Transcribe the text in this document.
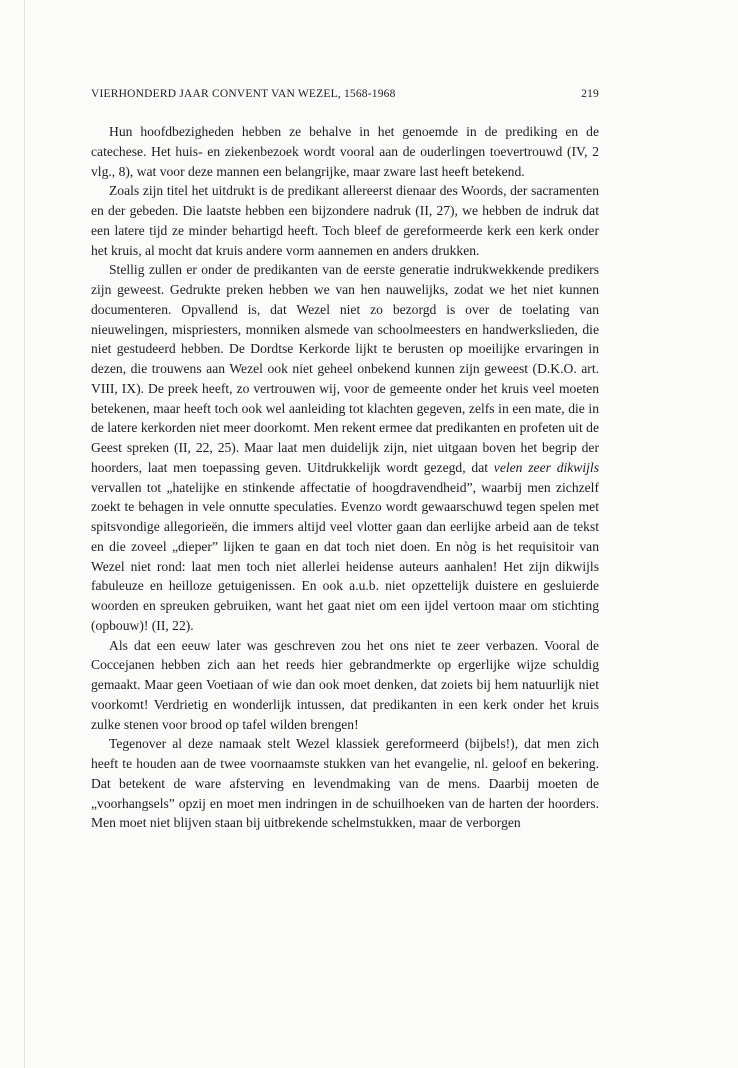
VIERHONDERD JAAR CONVENT VAN WEZEL, 1568-1968	219

Hun hoofdbezigheden hebben ze behalve in het genoemde in de prediking en de catechese. Het huis- en ziekenbezoek wordt vooral aan de ouderlingen toevertrouwd (IV, 2 vlg., 8), wat voor deze mannen een belangrijke, maar zware last heeft betekend.

Zoals zijn titel het uitdrukt is de predikant allereerst dienaar des Woords, der sacramenten en der gebeden. Die laatste hebben een bijzondere nadruk (II, 27), we hebben de indruk dat een latere tijd ze minder behartigd heeft. Toch bleef de gereformeerde kerk een kerk onder het kruis, al mocht dat kruis andere vorm aannemen en anders drukken.

Stellig zullen er onder de predikanten van de eerste generatie indrukwekkende predikers zijn geweest. Gedrukte preken hebben we van hen nauwelijks, zodat we het niet kunnen documenteren. Opvallend is, dat Wezel niet zo bezorgd is over de toelating van nieuwelingen, mispriesters, monniken alsmede van schoolmeesters en handwerkslieden, die niet gestudeerd hebben. De Dordtse Kerkorde lijkt te berusten op moeilijke ervaringen in dezen, die trouwens aan Wezel ook niet geheel onbekend kunnen zijn geweest (D.K.O. art. VIII, IX). De preek heeft, zo vertrouwen wij, voor de gemeente onder het kruis veel moeten betekenen, maar heeft toch ook wel aanleiding tot klachten gegeven, zelfs in een mate, die in de latere kerkorden niet meer doorkomt. Men rekent ermee dat predikanten en profeten uit de Geest spreken (II, 22, 25). Maar laat men duidelijk zijn, niet uitgaan boven het begrip der hoorders, laat men toepassing geven. Uitdrukkelijk wordt gezegd, dat velen zeer dikwijls vervallen tot „hatelijke en stinkende affectatie of hoogdravendheid”, waarbij men zichzelf zoekt te behagen in vele onnutte speculaties. Evenzo wordt gewaarschuwd tegen spelen met spitsvondige allegorieën, die immers altijd veel vlotter gaan dan eerlijke arbeid aan de tekst en die zoveel „dieper” lijken te gaan en dat toch niet doen. En nòg is het requisitoir van Wezel niet rond: laat men toch niet allerlei heidense auteurs aanhalen! Het zijn dikwijls fabuleuze en heilloze getuigenissen. En ook a.u.b. niet opzettelijk duistere en gesluierde woorden en spreuken gebruiken, want het gaat niet om een ijdel vertoon maar om stichting (opbouw)! (II, 22).

Als dat een eeuw later was geschreven zou het ons niet te zeer verbazen. Vooral de Coccejanen hebben zich aan het reeds hier gebrandmerkte op ergerlijke wijze schuldig gemaakt. Maar geen Voetiaan of wie dan ook moet denken, dat zoiets bij hem natuurlijk niet voorkomt! Verdrietig en wonderlijk intussen, dat predikanten in een kerk onder het kruis zulke stenen voor brood op tafel wilden brengen!

Tegenover al deze namaak stelt Wezel klassiek gereformeerd (bijbels!), dat men zich heeft te houden aan de twee voornaamste stukken van het evangelie, nl. geloof en bekering. Dat betekent de ware afsterving en levendmaking van de mens. Daarbij moeten de „voorhangsels” opzij en moet men indringen in de schuilhoeken van de harten der hoorders. Men moet niet blijven staan bij uitbrekende schelmstukken, maar de verborgen
